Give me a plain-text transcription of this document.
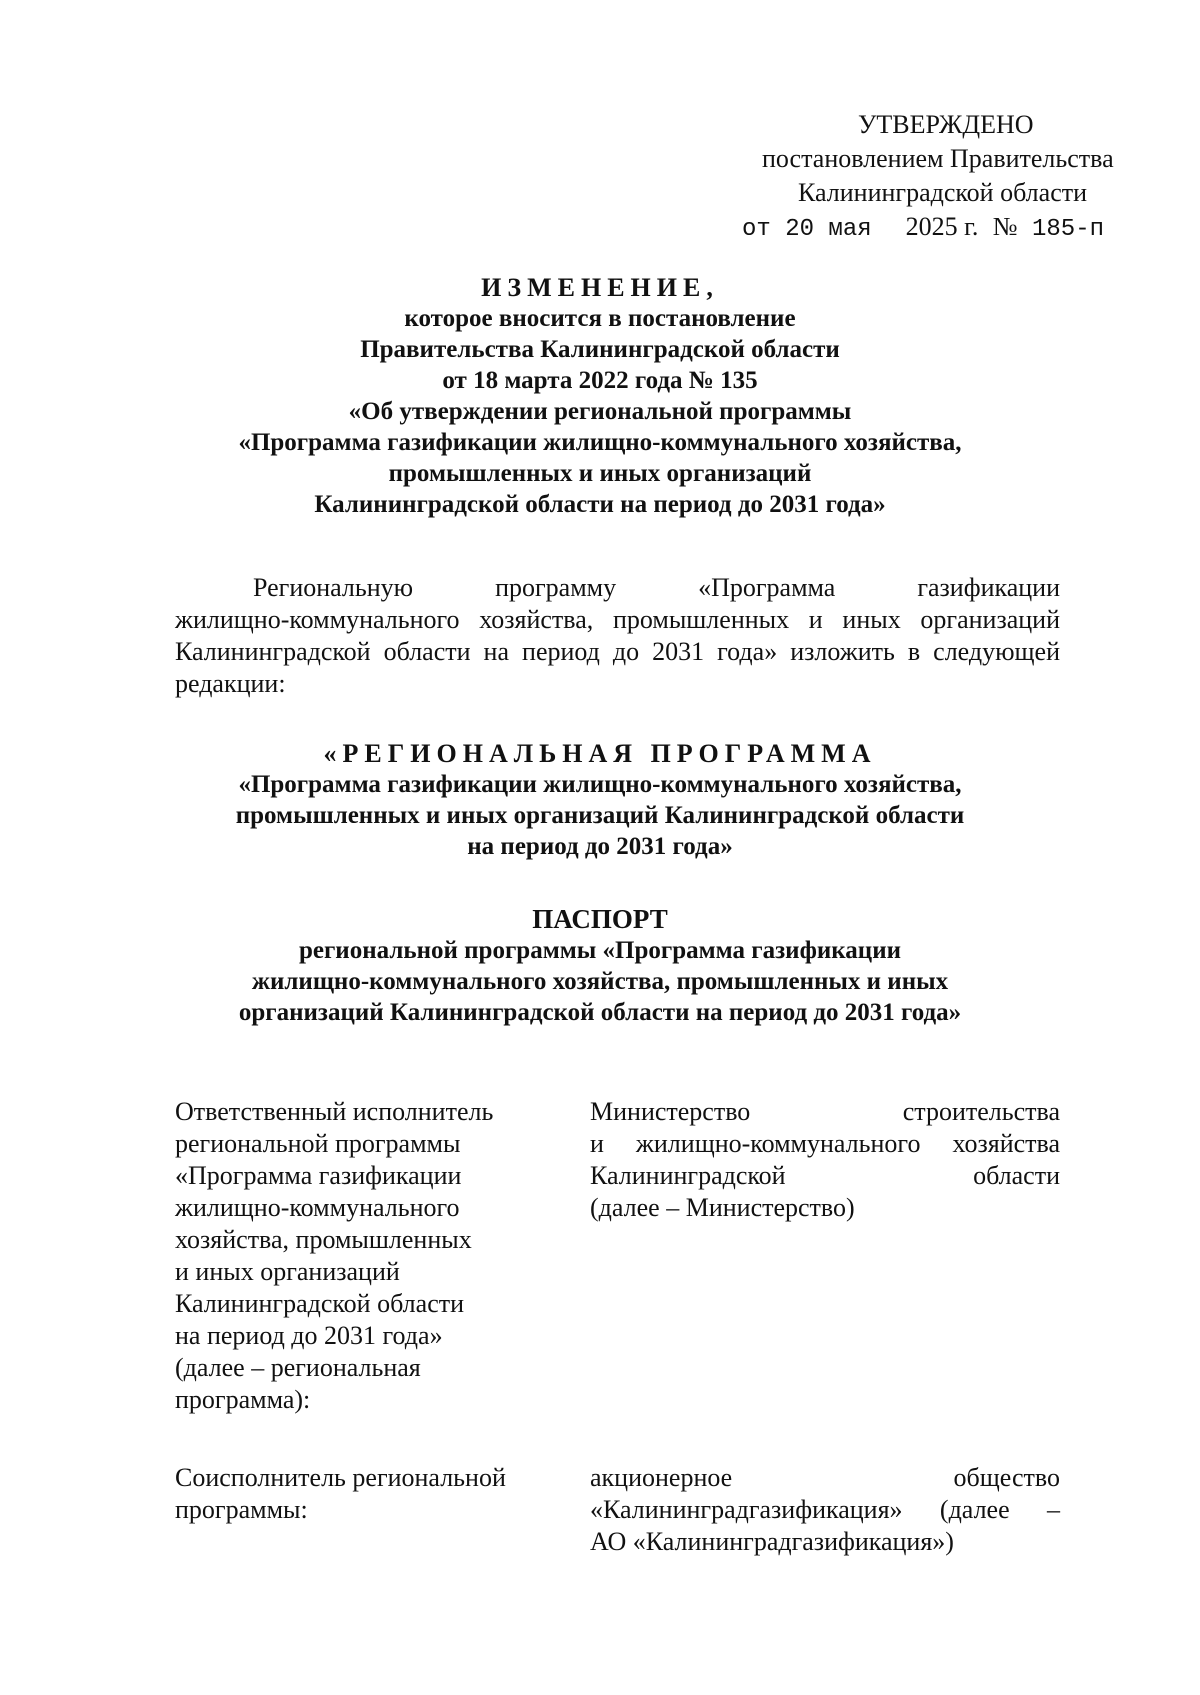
УТВЕРЖДЕНО
постановлением Правительства
Калининградской области
от 20 мая 2025 г. № 185-п
ИЗМЕНЕНИЕ,
которое вносится в постановление
Правительства Калининградской области
от 18 марта 2022 года № 135
«Об утверждении региональной программы
«Программа газификации жилищно-коммунального хозяйства,
промышленных и иных организаций
Калининградской области на период до 2031 года»
Региональную программу «Программа газификации
жилищно-коммунального хозяйства, промышленных и иных организаций
Калининградской области на период до 2031 года» изложить в следующей
редакции:
«РЕГИОНАЛЬНАЯ ПРОГРАММА
«Программа газификации жилищно-коммунального хозяйства,
промышленных и иных организаций Калининградской области
на период до 2031 года»
ПАСПОРТ
региональной программы «Программа газификации
жилищно-коммунального хозяйства, промышленных и иных
организаций Калининградской области на период до 2031 года»
Ответственный исполнитель
региональной программы
«Программа газификации
жилищно-коммунального
хозяйства, промышленных
и иных организаций
Калининградской области
на период до 2031 года»
(далее – региональная
программа):
Министерство строительства
и жилищно-коммунального хозяйства
Калининградской области
(далее – Министерство)
Соисполнитель региональной
программы:
акционерное общество
«Калининградгазификация» (далее –
АО «Калининградгазификация»)
